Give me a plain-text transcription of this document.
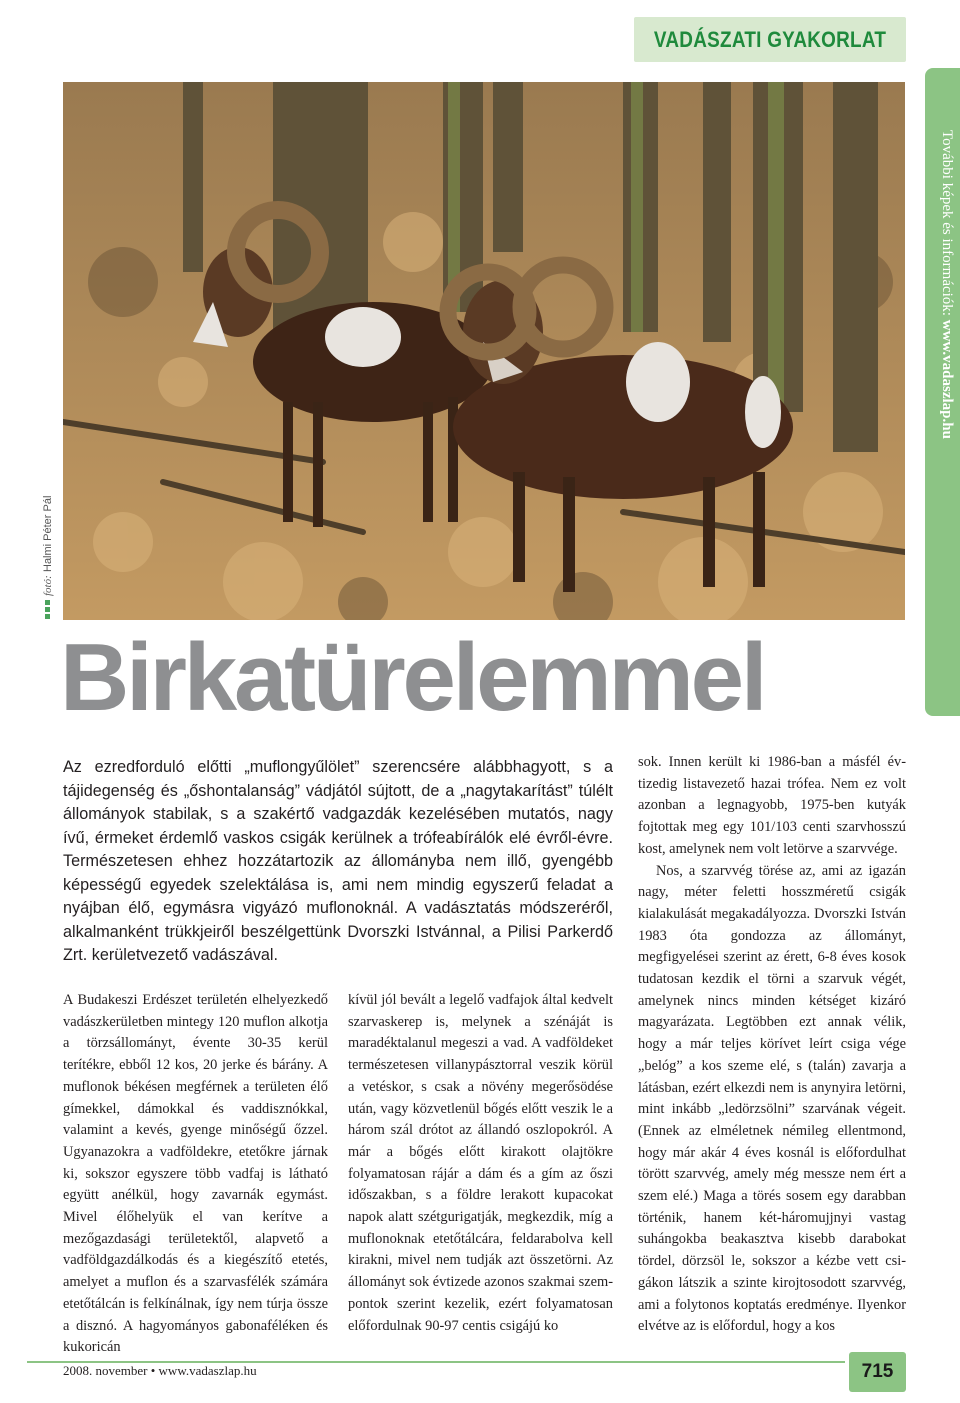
VADÁSZATI GYAKORLAT
További képek és információk: www.vadaszlap.hu
fotó:
Halmi Péter Pál
Birkatürelemmel
Az ezredforduló előtti „muflongyűlölet” szerencsére alábbhagyott, s a tájidegenség és „őshontalanság” vádjától sújtott, de a „nagytakarítást” túlélt állományok stabilak, s a szakértő vadgazdák kezelésében mutatós, nagy ívű, érmeket érdemlő vaskos csigák kerülnek a trófeabírálók elé évről-évre. Természetesen ehhez hozzátartozik az állományba nem illő, gyengébb képességű egyedek szelektálása is, ami nem mindig egyszerű feladat a nyájban élő, egymásra vigyázó muflonoknál. A vadásztatás módszeréről, alkalmanként trükkjeiről beszélgettünk Dvorszki Istvánnal, a Pilisi Parkerdő Zrt. kerületvezető vadászával.

A Budakeszi Erdészet területén elhelyezkedő vadászkerületben mintegy 120 muflon alkotja a törzsállományt, évente 30-35 kerül terítékre, ebből 12 kos, 20 jerke és bárány. A muflonok békésen megférnek a területen élő gímekkel, dámokkal és vaddisznókkal, valamint a kevés, gyenge minőségű őzzel. Ugyanazokra a vadföldekre, etetőkre járnak ki, sokszor egyszere több vadfaj is látható együtt anélkül, hogy zavarnák egymást. Mivel élőhelyük el van kerítve a mezőgazdasági területektől, alapvető a vadföldgazdálkodás és a kiegészítő etetés, amelyet a muflon és a szarvasfélék számára etetőtálcán is felkínálnak, így nem túrja össze a disznó. A hagyományos gabonaféléken és kukoricán

kívül jól bevált a legelő vadfajok által kedvelt szarvaskerep is, melynek a szénáját is maradéktalanul megeszi a vad. A vadföldeket természetesen villanypásztorral veszik körül a vetéskor, s csak a növény megerősödése után, vagy közvetlenül bőgés előtt veszik le a három szál drótot az állandó oszlopokról. A már a bőgés előtt kirakott olajtökre folyamatosan rájár a dám és a gím az őszi időszakban, s a földre lerakott kupacokat napok alatt szétgurigatják, megkezdik, míg a muflonoknak etetőtálcára, feldarabolva kell kirakni, mivel nem tudják azt összetörni. Az állományt sok évtizede azonos szakmai szempontok szerint kezelik, ezért folyamatosan előfordulnak 90-97 centis csigájú ko

sok. Innen került ki 1986-ban a másfél évtizedig listavezető hazai trófea. Nem ez volt azonban a legnagyobb, 1975-ben kutyák fojtottak meg egy 101/103 centi szarvhosszú kost, amelynek nem volt letörve a szarvvége.

Nos, a szarvvég törése az, ami az igazán nagy, méter feletti hosszméretű csigák kialakulását megakadályozza. Dvorszki István 1983 óta gondozza az állományt, megfigyelései szerint az érett, 6-8 éves kosok tudatosan kezdik el törni a szarvuk végét, amelynek nincs minden kétséget kizáró magyarázata. Legtöbben ezt annak vélik, hogy a már teljes körívet leírt csiga vége „belóg” a kos szeme elé, s (talán) zavarja a látásban, ezért elkezdi nem is anynyira letörni, mint inkább „ledörzsölni” szarvának végeit. (Ennek az elméletnek némileg ellentmond, hogy már akár 4 éves kosnál is előfordulhat törött szarvvég, amely még messze nem ért a szem elé.) Maga a törés sosem egy darabban történik, hanem két-háromujjnyi vastag suhángokba beakasztva kisebb darabokat tördel, dörzsöl le, sokszor a kézbe vett csigákon látszik a szinte kirojtosodott szarvvég, ami a folytonos koptatás eredménye. Ilyenkor elvétve az is előfordul, hogy a kos

2008. november • www.vadaszlap.hu	715
